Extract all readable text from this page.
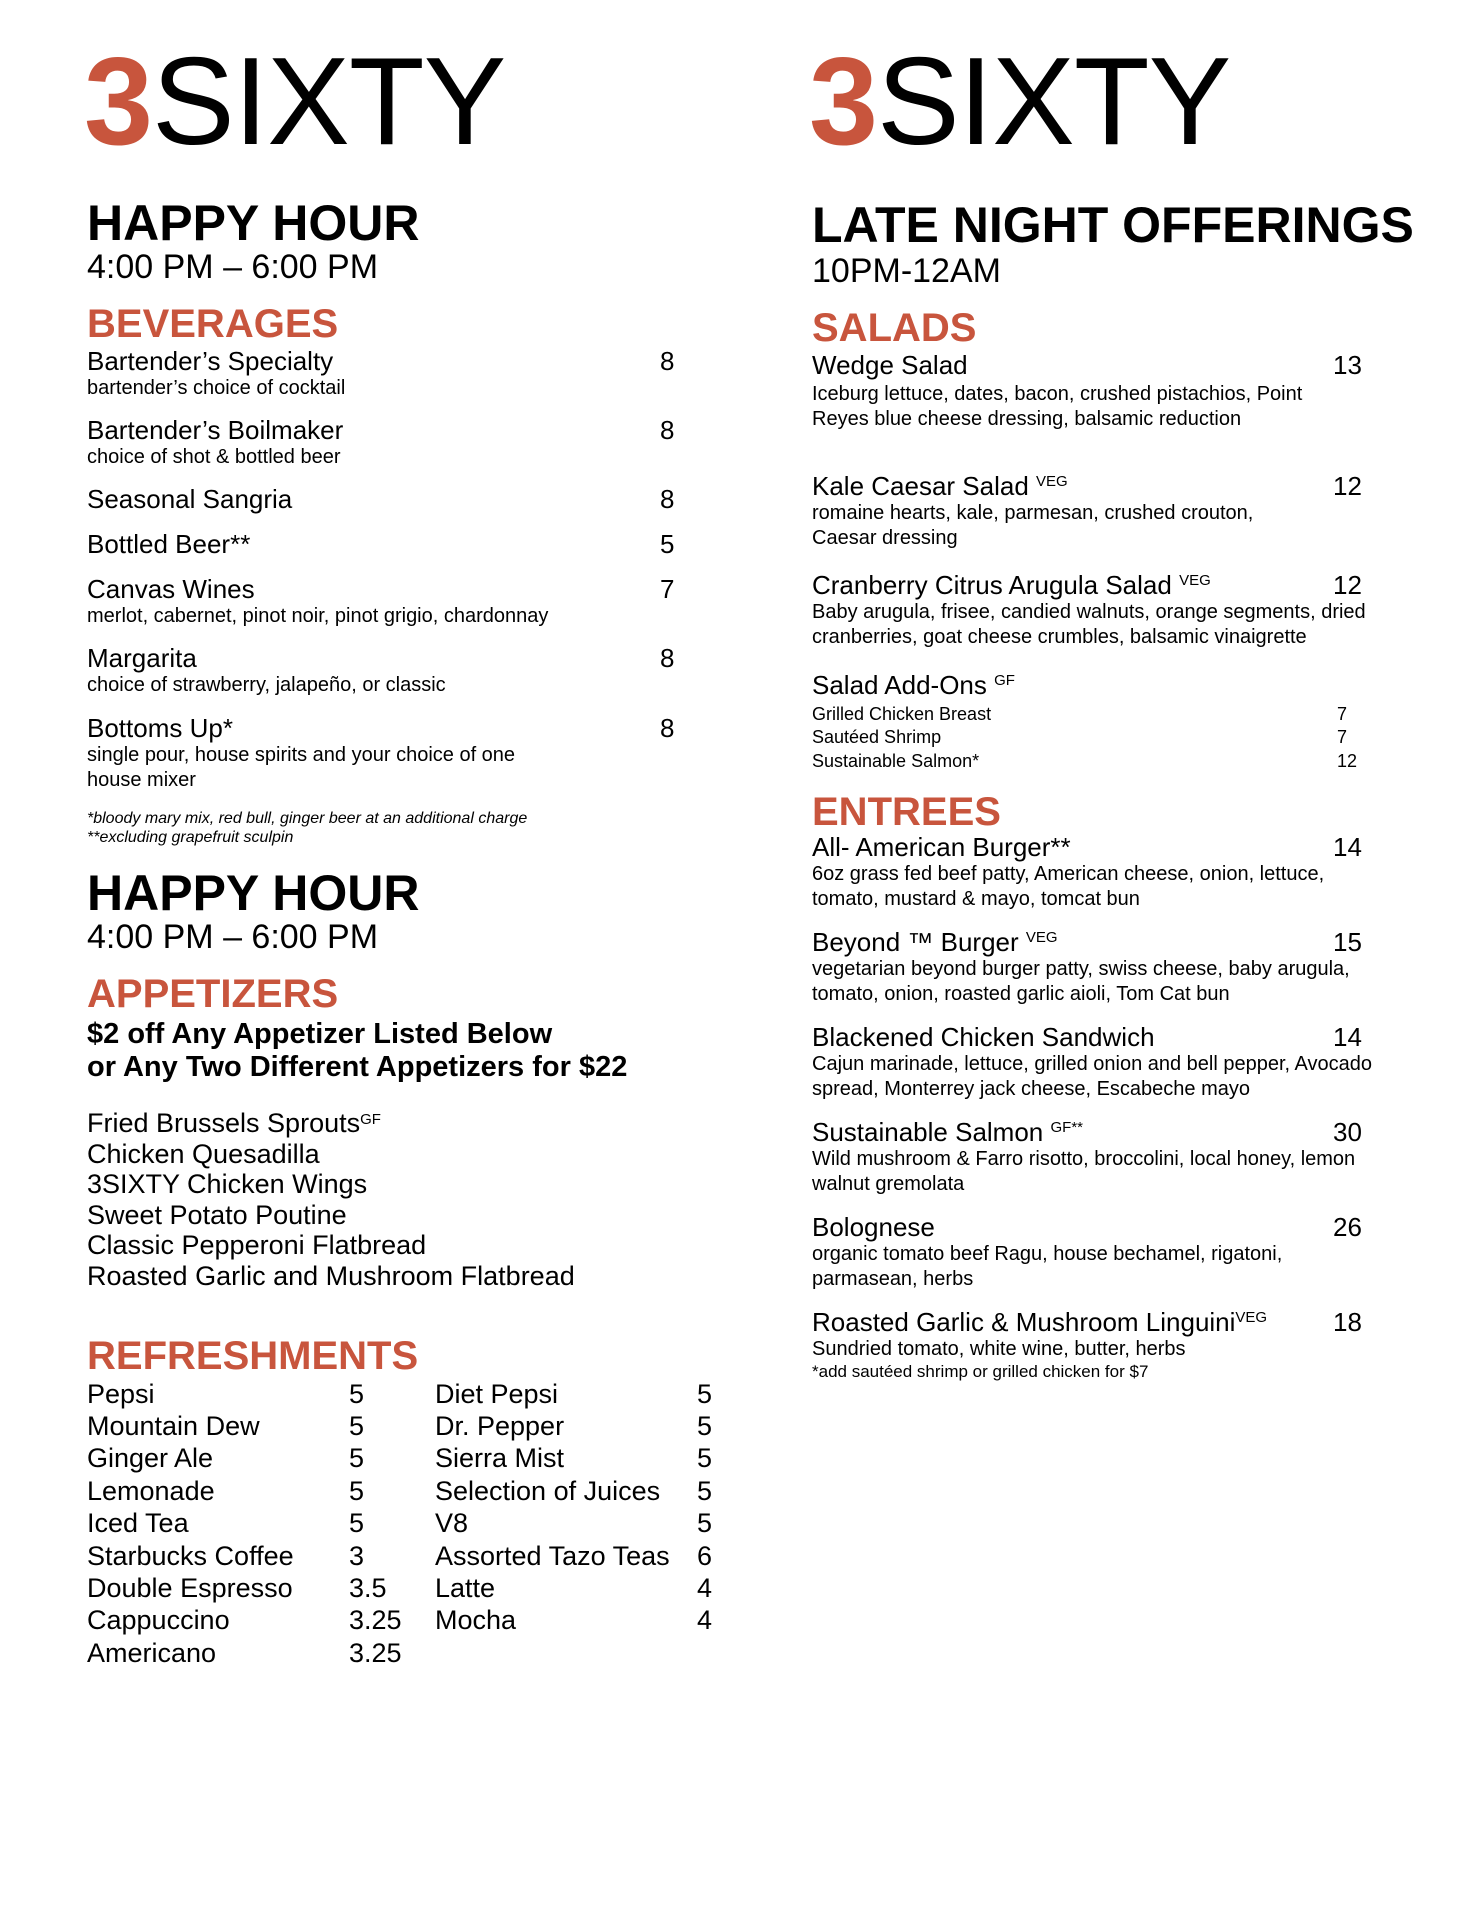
3SIXTY
HAPPY HOUR
4:00 PM – 6:00 PM
BEVERAGES
Bartender’s Specialty
bartender’s choice of cocktail
8
Bartender’s Boilmaker
choice of shot & bottled beer
8
Seasonal Sangria	8
Bottled Beer**	5
Canvas Wines
merlot, cabernet, pinot noir, pinot grigio, chardonnay
7
Margarita
choice of strawberry, jalapeño, or classic
8
Bottoms Up*
single pour, house spirits and your choice of one house mixer
8
*bloody mary mix, red bull, ginger beer at an additional charge
**excluding grapefruit sculpin
HAPPY HOUR
4:00 PM – 6:00 PM
APPETIZERS
$2 off Any Appetizer Listed Below
or Any Two Different Appetizers for $22
Fried Brussels Sprouts$^{GF}$
Chicken Quesadilla
3SIXTY Chicken Wings
Sweet Potato Poutine
Classic Pepperoni Flatbread
Roasted Garlic and Mushroom Flatbread
REFRESHMENTS
Pepsi	5
Mountain Dew	5
Ginger Ale	5
Lemonade	5
Iced Tea	5
Starbucks Coffee 3
Double Espresso 3.5
Cappuccino	3.25
Americano	3.25
Diet Pepsi	5
Dr. Pepper	5
Sierra Mist	5
Selection of Juices 5
V8	5
Assorted Tazo Teas 6
Latte	4
Mocha	4
3SIXTY
LATE NIGHT OFFERINGS
10PM-12AM
SALADS
Wedge Salad
Iceburg lettuce, dates, bacon, crushed pistachios, Point Reyes blue cheese dressing, balsamic reduction
13
Kale Caesar Salad $^{VEG}$
romaine hearts, kale, parmesan, crushed crouton, Caesar dressing
12
Cranberry Citrus Arugula Salad $^{VEG}$
Baby arugula, frisee, candied walnuts, orange segments, dried cranberries, goat cheese crumbles, balsamic vinaigrette
12
Salad Add-Ons $^{GF}$
Grilled Chicken Breast	7
Sautéed Shrimp	7
Sustainable Salmon*	12
ENTREES
All- American Burger**
6oz grass fed beef patty, American cheese, onion, lettuce, tomato, mustard & mayo, tomcat bun
14
Beyond ™ Burger $^{VEG}$
vegetarian beyond burger patty, swiss cheese, baby arugula, tomato, onion, roasted garlic aioli, Tom Cat bun
15
Blackened Chicken Sandwich
Cajun marinade, lettuce, grilled onion and bell pepper, Avocado spread, Monterrey jack cheese, Escabeche mayo
14
Sustainable Salmon $^{GF**}$
Wild mushroom & Farro risotto, broccolini, local honey, lemon walnut gremolata
30
Bolognese
organic tomato beef Ragu, house bechamel, rigatoni, parmasean, herbs
26
Roasted Garlic & Mushroom Linguini$^{VEG}$
Sundried tomato, white wine, butter, herbs
18
*add sautéed shrimp or grilled chicken for $7
